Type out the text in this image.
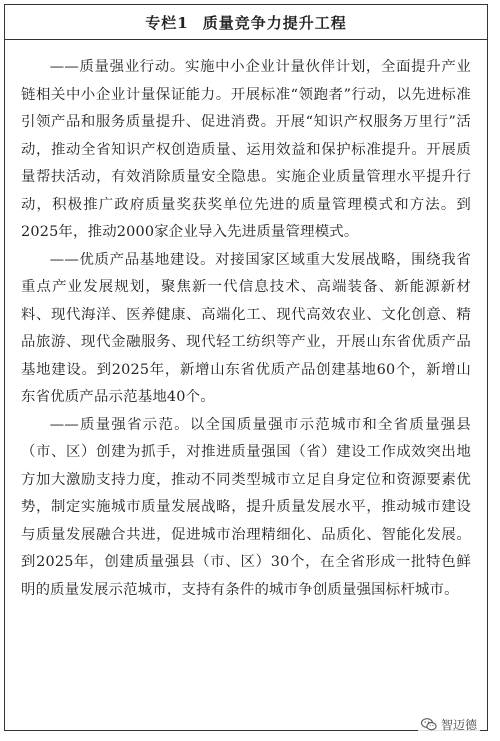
专栏1 质量竞争力提升工程

——质量强业行动。实施中小企业计量伙伴计划，全面提升产业链相关中小企业计量保证能力。开展标准“领跑者”行动，以先进标准引领产品和服务质量提升、促进消费。开展“知识产权服务万里行”活动，推动全省知识产权创造质量、运用效益和保护标准提升。开展质量帮扶活动，有效消除质量安全隐患。实施企业质量管理水平提升行动，积极推广政府质量奖获奖单位先进的质量管理模式和方法。到2025年，推动2000家企业导入先进质量管理模式。

——优质产品基地建设。对接国家区域重大发展战略，围绕我省重点产业发展规划，聚焦新一代信息技术、高端装备、新能源新材料、现代海洋、医养健康、高端化工、现代高效农业、文化创意、精品旅游、现代金融服务、现代轻工纺织等产业，开展山东省优质产品基地建设。到2025年，新增山东省优质产品创建基地60个，新增山东省优质产品示范基地40个。

——质量强省示范。以全国质量强市示范城市和全省质量强县（市、区）创建为抓手，对推进质量强国（省）建设工作成效突出地方加大激励支持力度，推动不同类型城市立足自身定位和资源要素优势，制定实施城市质量发展战略，提升质量发展水平，推动城市建设与质量发展融合共进，促进城市治理精细化、品质化、智能化发展。到2025年，创建质量强县（市、区）30个，在全省形成一批特色鲜明的质量发展示范城市，支持有条件的城市争创质量强国标杆城市。

智迈德
